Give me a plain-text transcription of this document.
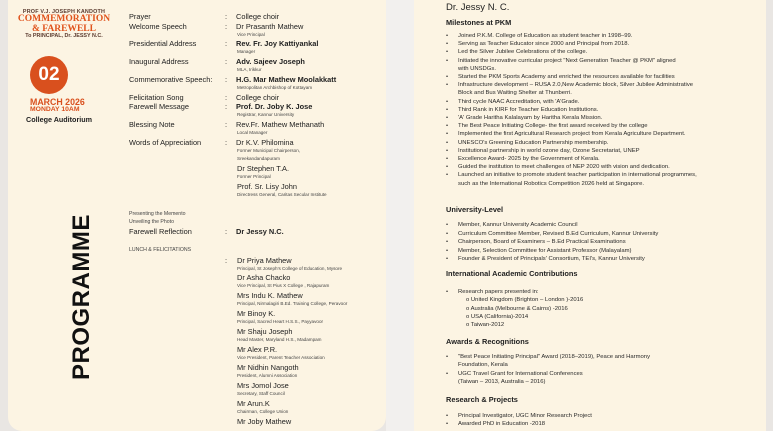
PROF V.J. JOSEPH KANDOTH
COMMEMORATION
& FAREWELL
To PRINCIPAL, Dr. JESSY N.C.
02
MARCH 2026
MONDAY 10AM
College Auditorium
PROGRAMME
Prayer	: College choir
Welcome Speech	: Dr Prasanth Mathew
Vice Principal
Presidential Address	: Rev. Fr. Joy Kattiyankal
Manager
Inaugural Address	: Adv. Sajeev Joseph
MLA, Irikkur
Commemorative Speech: : H.G. Mar Mathew Moolakkatt
Metropolitan Archbishop of Kottayam
Felicitation Song	: College choir
Farewell Message	: Prof. Dr. Joby K. Jose
Registrar, Kannur University
Blessing Note	: Rev.Fr. Mathew Methanath
Local Manager
Words of Appreciation	: Dr K.V. Philomina
Former Municipal Chairperson,
Sreekandandapuram
Dr Stephen T.A.
Former Principal
Prof. Sr. Lisy John
Directress General, Caritas Secular Institute
Presenting the Memento
Unveiling the Photo
Farewell Reflection	: Dr Jessy N.C.
LUNCH & FELICITATIONS
: Dr Priya Mathew
Principal, St Joseph's College of Education, Mysore
Dr Asha Chacko
Vice Principal, St Pius X College , Rajapuram
Mrs Indu K. Mathew
Principal, Nirmalagiri B.Ed. Training College, Peravoor
Mr Binoy K.
Principal, Sacred Heart H.S.S., Payyavoor
Mr Shaju Joseph
Head Master, Maryland H.S., Madampam
Mr Alex P.R.
Vice President, Parent Teacher Association
Mr Nidhin Nangoth
President, Alumni Association
Mrs Jomol Jose
Secretary, Staff Council
Mr Arun.K
Chairman, College Union
Mr Joby Mathew
Dr. Jessy N. C.
Milestones at PKM
• Joined P.K.M. College of Education as student teacher in 1998–99.
• Serving as Teacher Educator since 2000 and Principal from 2018.
• Led the Silver Jubilee Celebrations of the college.
• Initiated the innovative curricular project "Next Generation Teacher @ PKM" aligned
with UNSDGs.
• Started the PKM Sports Academy and enriched the resources available for facilities
• Infrastructure development – RUSA 2.0,New Academic block, Silver Jubilee Administrative
Block and Bus Waiting Shelter at Thunberri.
• Third cycle NAAC Accreditation, with 'A'Grade.
• Third Rank in KIRF for Teacher Education Institutions.
• 'A' Grade Haritha Kalalayam by Haritha Kerala Mission.
• The Best Peace Initiating College- the first award received by the college
• Implemented the first Agricultural Research project from Kerala Agriculture Department.
• UNESCO's Greening Education Partnership membership.
• Institutional partnership in world ozone day, Ozone Secretariat, UNEP
• Excellence Award- 2025 by the Government of Kerala.
• Guided the institution to meet challenges of NEP 2020 with vision and dedication.
• Launched an initiative to promote student teacher participation in international programmes,
such as the International Robotics Competition 2026 held at Singapore.
University-Level
• Member, Kannur University Academic Council
• Curriculum Committee Member, Revised B.Ed Curriculum, Kannur University
• Chairperson, Board of Examiners – B.Ed Practical Examinations
• Member, Selection Committee for Assistant Professor (Malayalam)
• Founder & President of Principals' Consortium, TEI's, Kannur University
International Academic Contributions
• Research papers presented in:
o United Kingdom (Brighton – London )-2016
o Australia (Melbourne & Cairns) -2016
o USA (California)-2014
o Taiwan-2012
Awards & Recognitions
• "Best Peace Initiating Principal" Award (2018–2019), Peace and Harmony
Foundation, Kerala
• UGC Travel Grant for International Conferences
(Taiwan – 2013, Australia – 2016)
Research & Projects
• Principal Investigator, UGC Minor Research Project
• Awarded PhD in Education -2018
